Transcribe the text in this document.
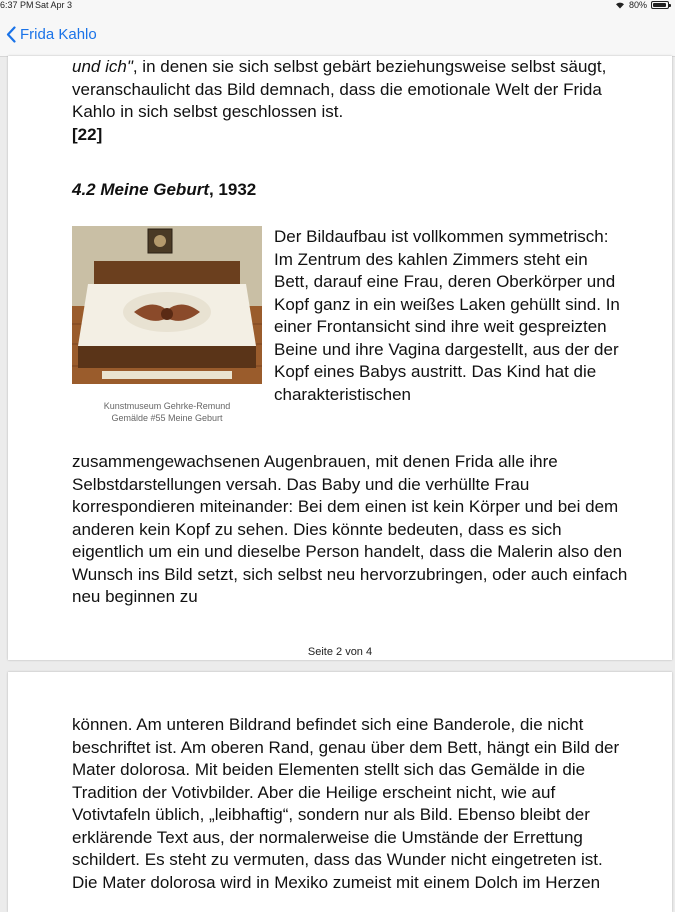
6:37 PM Sat Apr 3	80%
Frida Kahlo
und ich", in denen sie sich selbst gebärt beziehungsweise selbst säugt, veranschaulicht das Bild demnach, dass die emotionale Welt der Frida Kahlo in sich selbst geschlossen ist.
[22]
4.2 Meine Geburt, 1932
Kunstmuseum Gehrke-Remund
Gemälde #55 Meine Geburt
Der Bildaufbau ist vollkommen symmetrisch: Im Zentrum des kahlen Zimmers steht ein Bett, darauf eine Frau, deren Oberkörper und Kopf ganz in ein weißes Laken gehüllt sind. In einer Frontansicht sind ihre weit gespreizten Beine und ihre Vagina dargestellt, aus der der Kopf eines Babys austritt. Das Kind hat die charakteristischen
zusammengewachsenen Augenbrauen, mit denen Frida alle ihre Selbstdarstellungen versah. Das Baby und die verhüllte Frau korrespondieren miteinander: Bei dem einen ist kein Körper und bei dem anderen kein Kopf zu sehen. Dies könnte bedeuten, dass es sich eigentlich um ein und dieselbe Person handelt, dass die Malerin also den Wunsch ins Bild setzt, sich selbst neu hervorzubringen, oder auch einfach neu beginnen zu
Seite 2 von 4
können. Am unteren Bildrand befindet sich eine Banderole, die nicht beschriftet ist. Am oberen Rand, genau über dem Bett, hängt ein Bild der Mater dolorosa. Mit beiden Elementen stellt sich das Gemälde in die Tradition der Votivbilder. Aber die Heilige erscheint nicht, wie auf Votivtafeln üblich, „leibhaftig“, sondern nur als Bild. Ebenso bleibt der erklärende Text aus, der normalerweise die Umstände der Errettung schildert. Es steht zu vermuten, dass das Wunder nicht eingetreten ist. Die Mater dolorosa wird in Mexiko zumeist mit einem Dolch im Herzen
